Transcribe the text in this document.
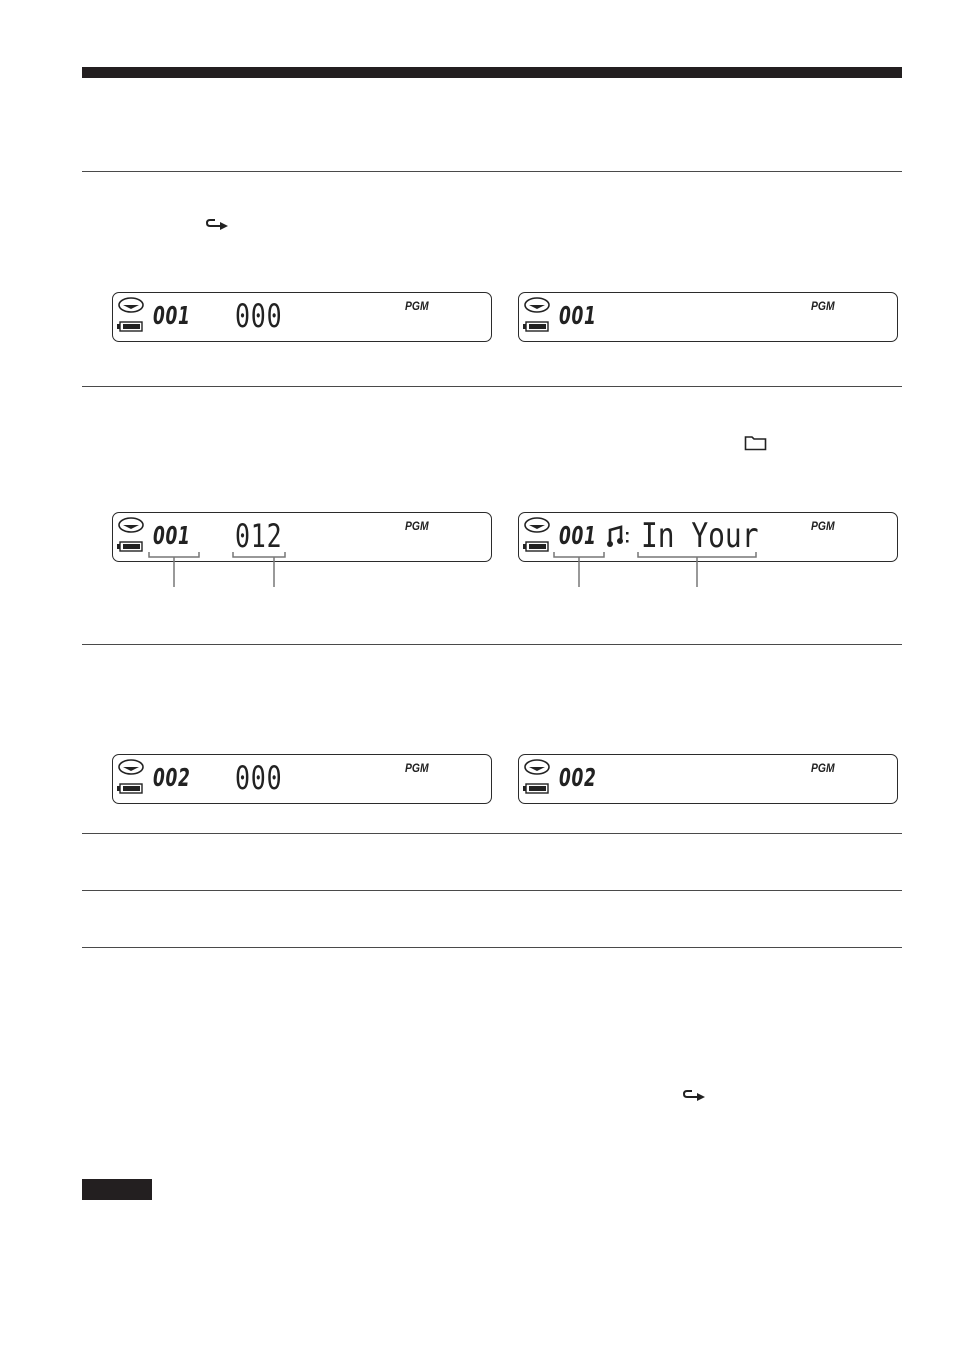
001 000	PGM	001	PGM
001 012	PGM	001 In Your	PGM
002 000	PGM	002	PGM
